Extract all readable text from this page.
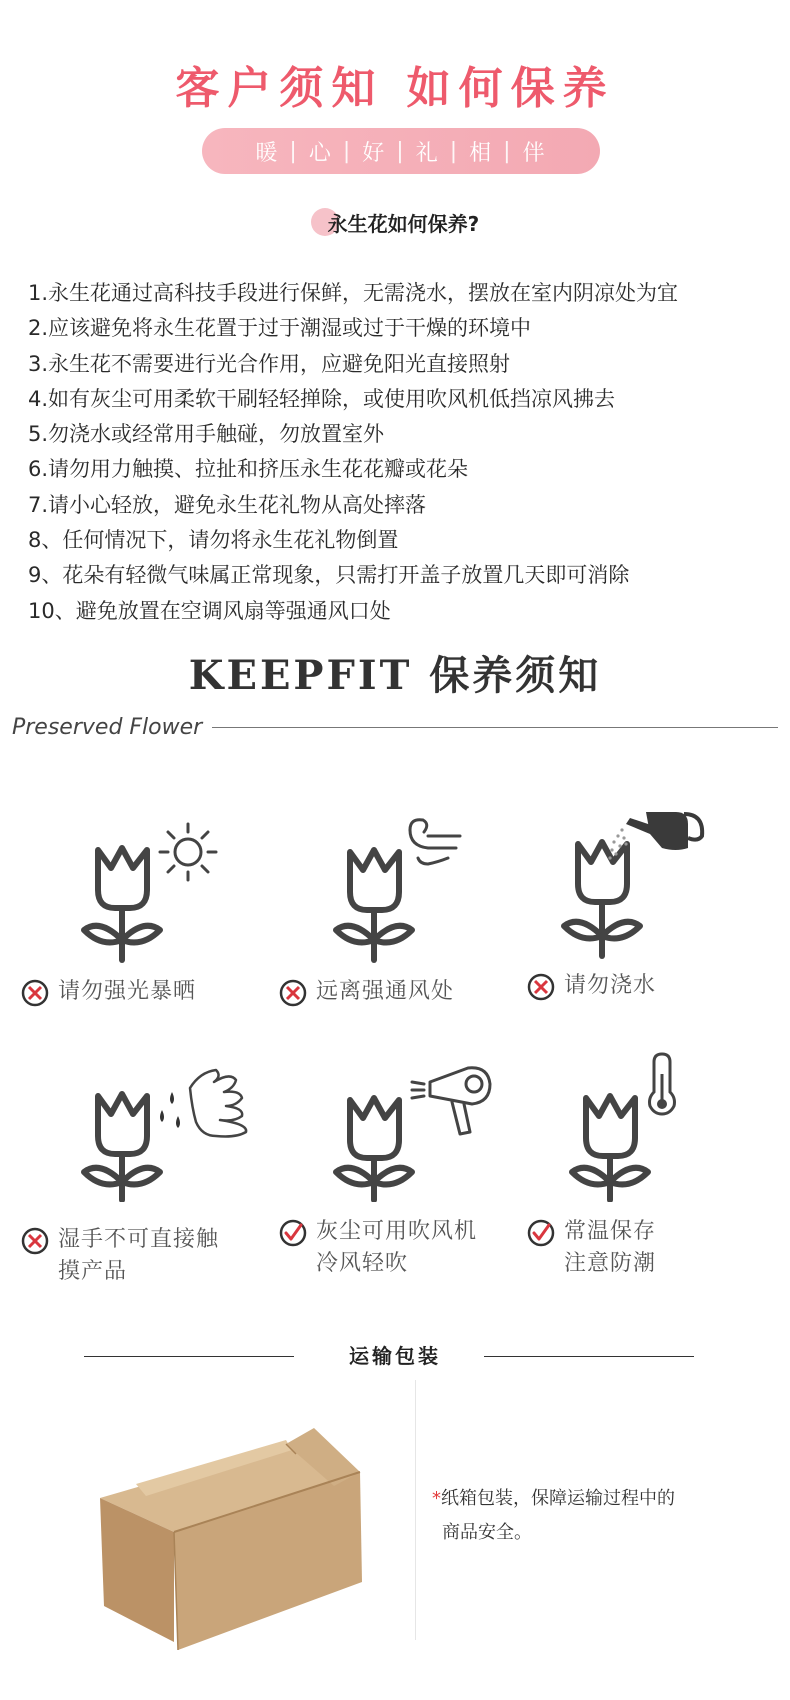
客户须知 如何保养
暖 | 心 | 好 | 礼 | 相 | 伴
永生花如何保养?
1.永生花通过高科技手段进行保鲜，无需浇水，摆放在室内阴凉处为宜
2.应该避免将永生花置于过于潮湿或过于干燥的环境中
3.永生花不需要进行光合作用，应避免阳光直接照射
4.如有灰尘可用柔软干刷轻轻掸除，或使用吹风机低挡凉风拂去
5.勿浇水或经常用手触碰，勿放置室外
6.请勿用力触摸、拉扯和挤压永生花花瓣或花朵
7.请小心轻放，避免永生花礼物从高处摔落
8、任何情况下，请勿将永生花礼物倒置
9、花朵有轻微气味属正常现象，只需打开盖子放置几天即可消除
10、避免放置在空调风扇等强通风口处
KEEPFIT 保养须知
Preserved Flower
请勿强光暴晒	远离强通风处	请勿浇水
湿手不可直接触
摸产品
灰尘可用吹风机
冷风轻吹
常温保存
注意防潮
运输包装
*纸箱包装，保障运输过程中的
商品安全。
